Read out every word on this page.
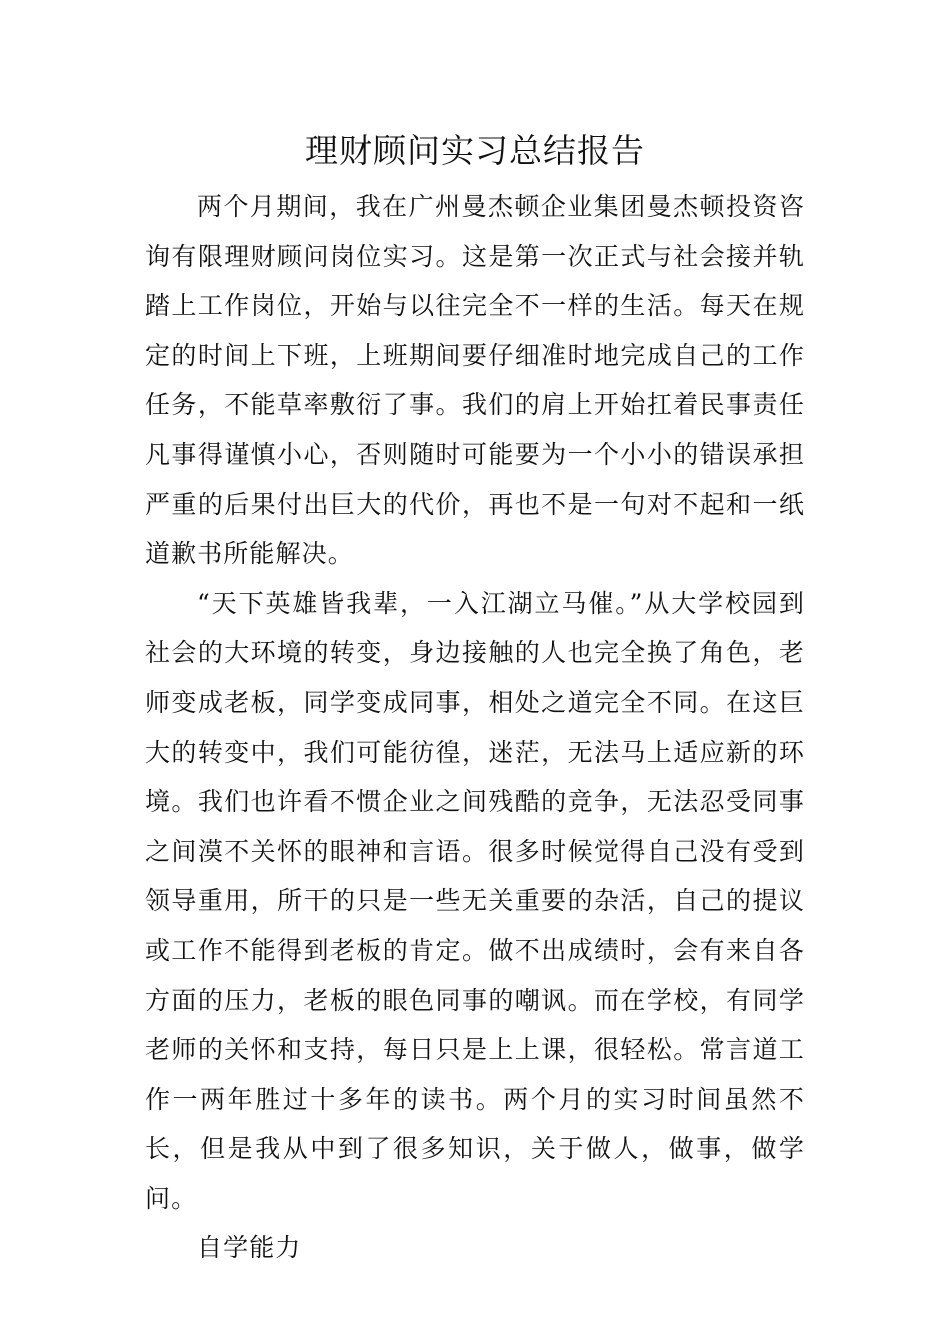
理财顾问实习总结报告

两个月期间，我在广州曼杰顿企业集团曼杰顿投资咨询有限理财顾问岗位实习。这是第一次正式与社会接并轨踏上工作岗位，开始与以往完全不一样的生活。每天在规定的时间上下班，上班期间要仔细准时地完成自己的工作任务，不能草率敷衍了事。我们的肩上开始扛着民事责任凡事得谨慎小心，否则随时可能要为一个小小的错误承担严重的后果付出巨大的代价，再也不是一句对不起和一纸道歉书所能解决。

“天下英雄皆我辈，一入江湖立马催。”从大学校园到社会的大环境的转变，身边接触的人也完全换了角色，老师变成老板，同学变成同事，相处之道完全不同。在这巨大的转变中，我们可能彷徨，迷茫，无法马上适应新的环境。我们也许看不惯企业之间残酷的竞争，无法忍受同事之间漠不关怀的眼神和言语。很多时候觉得自己没有受到领导重用，所干的只是一些无关重要的杂活，自己的提议或工作不能得到老板的肯定。做不出成绩时，会有来自各方面的压力，老板的眼色同事的嘲讽。而在学校，有同学老师的关怀和支持，每日只是上上课，很轻松。常言道工作一两年胜过十多年的读书。两个月的实习时间虽然不长，但是我从中到了很多知识，关于做人，做事，做学问。

自学能力
